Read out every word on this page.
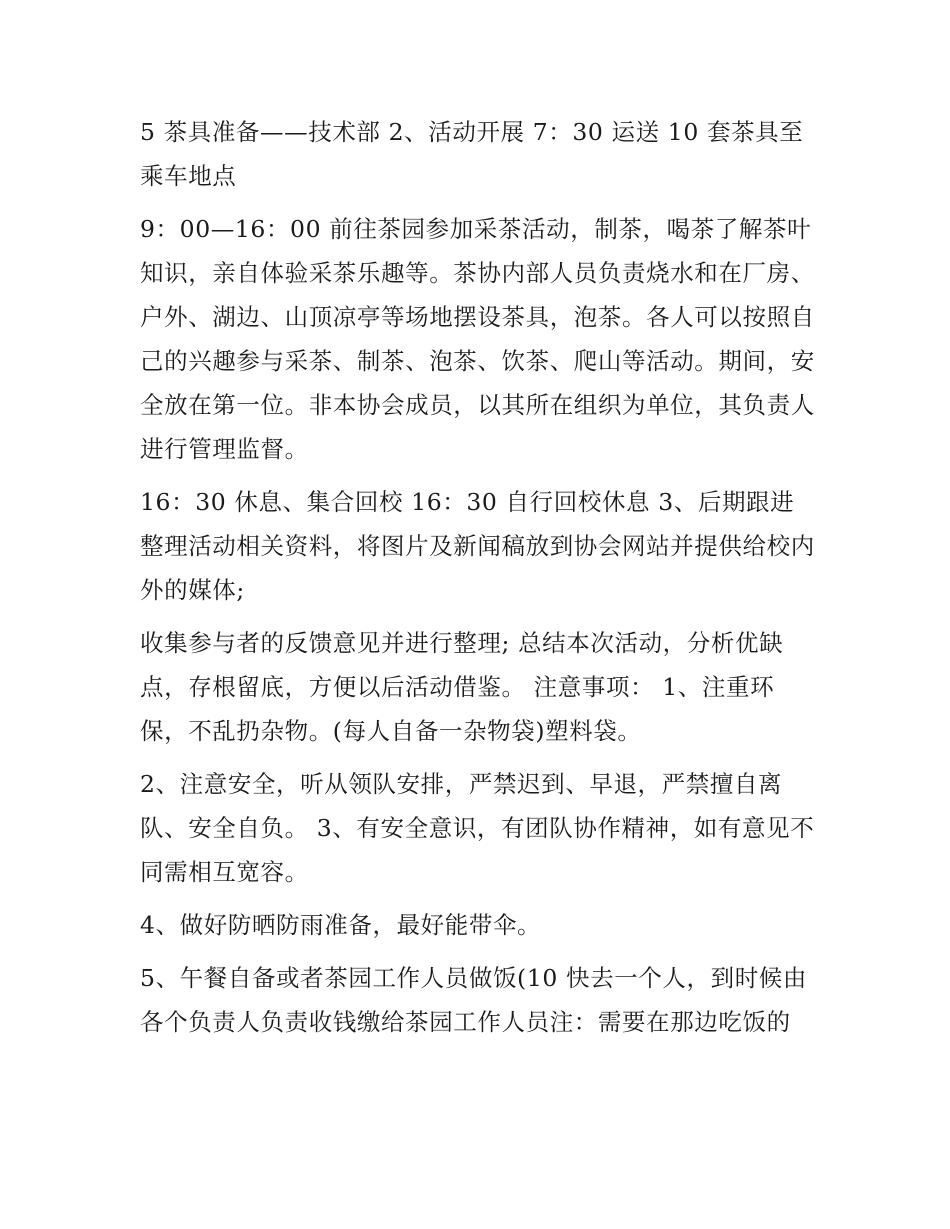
5 茶具准备——技术部 2、活动开展 7：30 运送 10 套茶具至乘车地点

9：00—16：00 前往茶园参加采茶活动，制茶，喝茶了解茶叶知识，亲自体验采茶乐趣等。茶协内部人员负责烧水和在厂房、户外、湖边、山顶凉亭等场地摆设茶具，泡茶。各人可以按照自己的兴趣参与采茶、制茶、泡茶、饮茶、爬山等活动。期间，安全放在第一位。非本协会成员，以其所在组织为单位，其负责人进行管理监督。

16：30 休息、集合回校 16：30 自行回校休息 3、后期跟进 整理活动相关资料，将图片及新闻稿放到协会网站并提供给校内外的媒体;

收集参与者的反馈意见并进行整理; 总结本次活动，分析优缺点，存根留底，方便以后活动借鉴。 注意事项： 1、注重环保，不乱扔杂物。(每人自备一杂物袋)塑料袋。

2、注意安全，听从领队安排，严禁迟到、早退，严禁擅自离队、安全自负。 3、有安全意识，有团队协作精神，如有意见不同需相互宽容。

4、做好防晒防雨准备，最好能带伞。

5、午餐自备或者茶园工作人员做饭(10 快去一个人，到时候由各个负责人负责收钱缴给茶园工作人员注：需要在那边吃饭的
